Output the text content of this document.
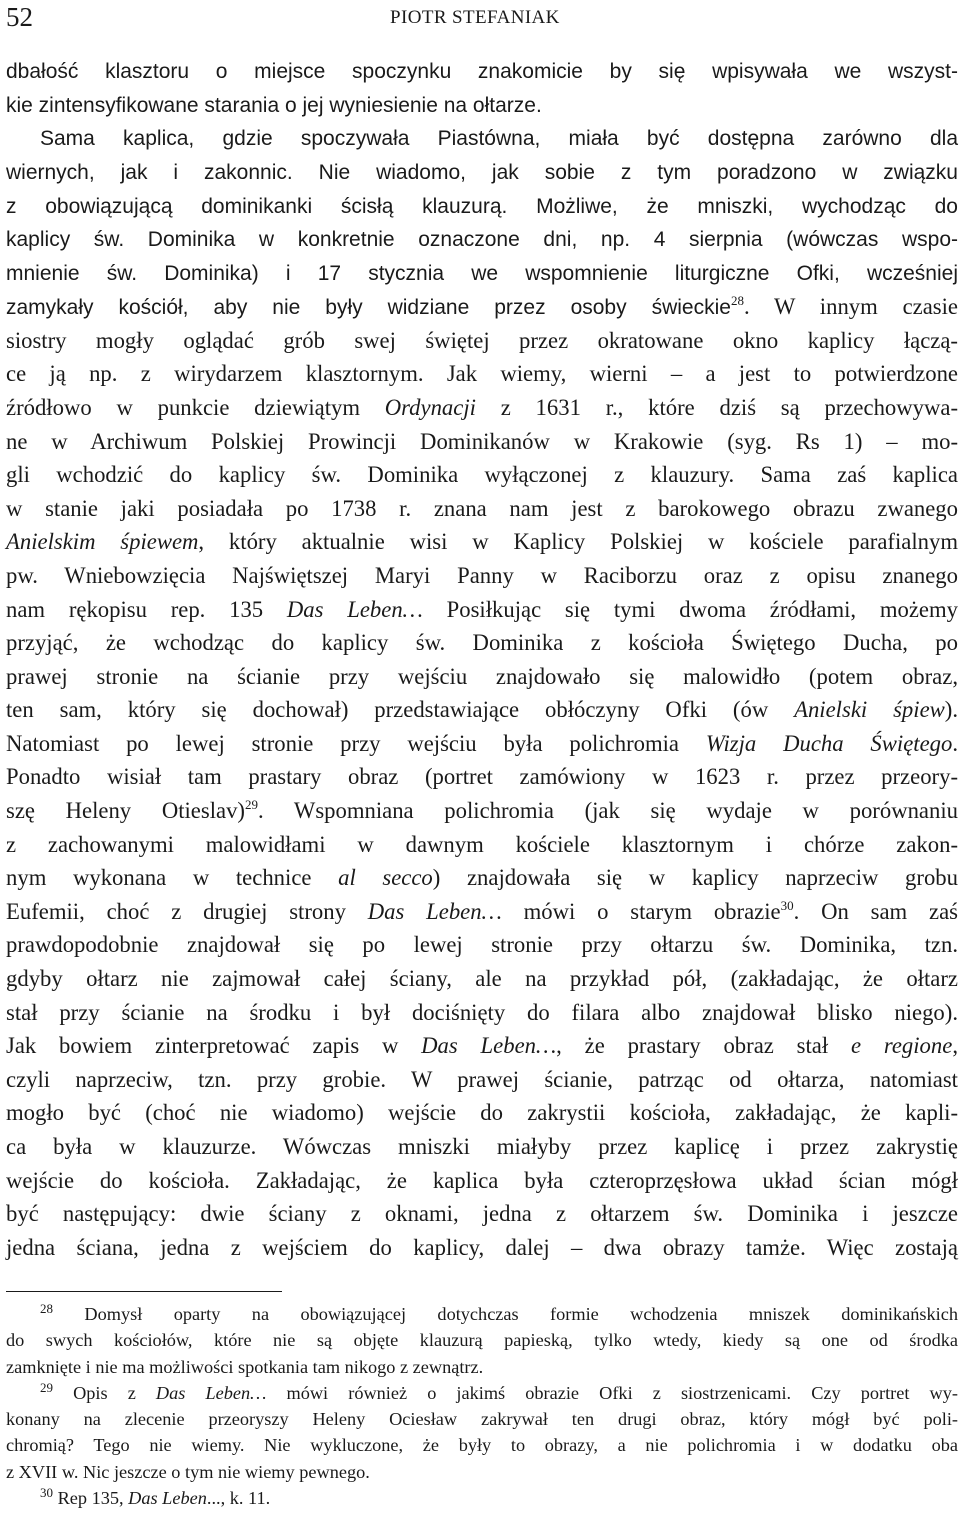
52	PIOTR STEFANIAK
dbałość klasztoru o miejsce spoczynku znakomicie by się wpisywała we wszyst-
kie zintensyfikowane starania o jej wyniesienie na ołtarze.
Sama kaplica, gdzie spoczywała Piastówna, miała być dostępna zarówno dla
wiernych, jak i zakonnic. Nie wiadomo, jak sobie z tym poradzono w związku
z obowiązującą dominikanki ścisłą klauzurą. Możliwe, że mniszki, wychodząc do
kaplicy św. Dominika w konkretnie oznaczone dni, np. 4 sierpnia (wówczas wspo-
mnienie św. Dominika) i 17 stycznia we wspomnienie liturgiczne Ofki, wcześniej
zamykały kościół, aby nie były widziane przez osoby świeckie$^{28}$. W innym czasie
siostry mogły oglądać grób swej świętej przez okratowane okno kaplicy łączą-
ce ją np. z wirydarzem klasztornym. Jak wiemy, wierni – a jest to potwierdzone
źródłowo w punkcie dziewiątym Ordynacji z 1631 r., które dziś są przechowywa-
ne w Archiwum Polskiej Prowincji Dominikanów w Krakowie (syg. Rs 1) – mo-
gli wchodzić do kaplicy św. Dominika wyłączonej z klauzury. Sama zaś kaplica
w stanie jaki posiadała po 1738 r. znana nam jest z barokowego obrazu zwanego
Anielskim śpiewem, który aktualnie wisi w Kaplicy Polskiej w kościele parafialnym
pw. Wniebowzięcia Najświętszej Maryi Panny w Raciborzu oraz z opisu znanego
nam rękopisu rep. 135 Das Leben… Posiłkując się tymi dwoma źródłami, możemy
przyjąć, że wchodząc do kaplicy św. Dominika z kościoła Świętego Ducha, po
prawej stronie na ścianie przy wejściu znajdowało się malowidło (potem obraz,
ten sam, który się dochował) przedstawiające obłóczyny Ofki (ów Anielski śpiew).
Natomiast po lewej stronie przy wejściu była polichromia Wizja Ducha Świętego.
Ponadto wisiał tam prastary obraz (portret zamówiony w 1623 r. przez przeory-
szę Heleny Otieslav)$^{29}$. Wspomniana polichromia (jak się wydaje w porównaniu
z zachowanymi malowidłami w dawnym kościele klasztornym i chórze zakon-
nym wykonana w technice al secco) znajdowała się w kaplicy naprzeciw grobu
Eufemii, choć z drugiej strony Das Leben… mówi o starym obrazie$^{30}$. On sam zaś
prawdopodobnie znajdował się po lewej stronie przy ołtarzu św. Dominika, tzn.
gdyby ołtarz nie zajmował całej ściany, ale na przykład pół, (zakładając, że ołtarz
stał przy ścianie na środku i był dociśnięty do filara albo znajdował blisko niego).
Jak bowiem zinterpretować zapis w Das Leben…, że prastary obraz stał e regione,
czyli naprzeciw, tzn. przy grobie. W prawej ścianie, patrząc od ołtarza, natomiast
mogło być (choć nie wiadomo) wejście do zakrystii kościoła, zakładając, że kapli-
ca była w klauzurze. Wówczas mniszki miałyby przez kaplicę i przez zakrystię
wejście do kościoła. Zakładając, że kaplica była czteroprzęsłowa układ ścian mógł
być następujący: dwie ściany z oknami, jedna z ołtarzem św. Dominika i jeszcze
jedna ściana, jedna z wejściem do kaplicy, dalej – dwa obrazy tamże. Więc zostają
$^{28}$ Domysł oparty na obowiązującej dotychczas formie wchodzenia mniszek dominikańskich
do swych kościołów, które nie są objęte klauzurą papieską, tylko wtedy, kiedy są one od środka
zamknięte i nie ma możliwości spotkania tam nikogo z zewnątrz.
$^{29}$ Opis z Das Leben… mówi również o jakimś obrazie Ofki z siostrzenicami. Czy portret wy-
konany na zlecenie przeoryszy Heleny Ociesław zakrywał ten drugi obraz, który mógł być poli-
chromią? Tego nie wiemy. Nie wykluczone, że były to obrazy, a nie polichromia i w dodatku oba
z XVII w. Nic jeszcze o tym nie wiemy pewnego.
$^{30}$ Rep 135, Das Leben..., k. 11.
